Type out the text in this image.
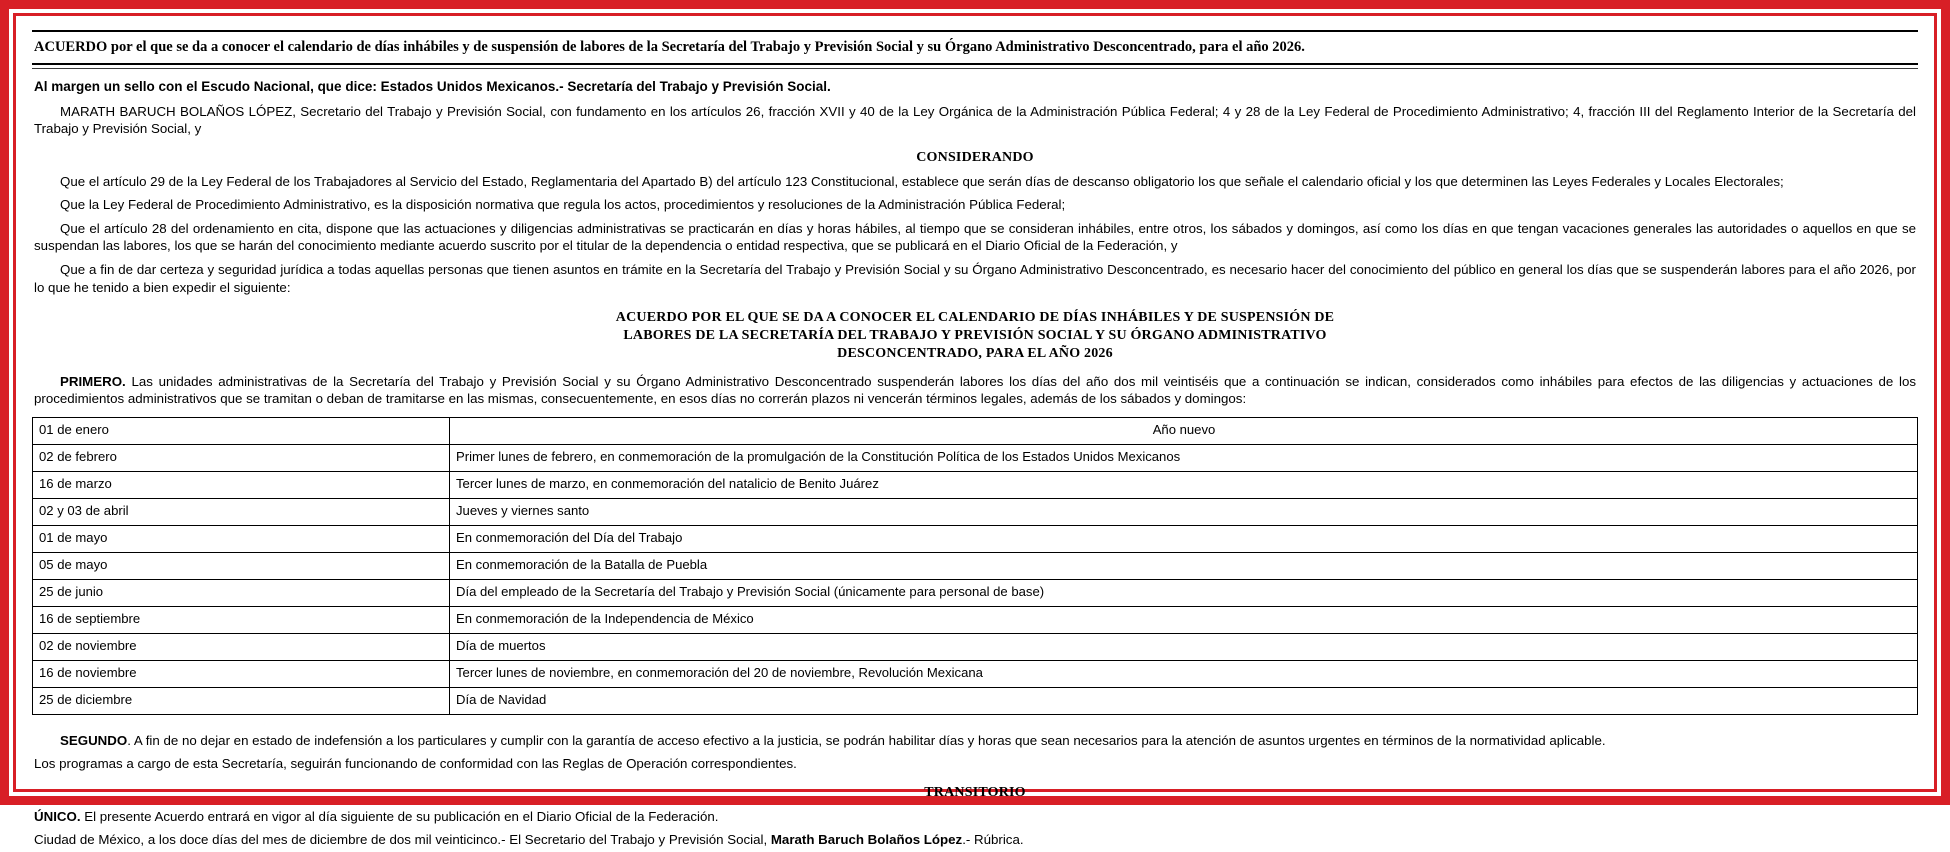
ACUERDO por el que se da a conocer el calendario de días inhábiles y de suspensión de labores de la Secretaría del Trabajo y Previsión Social y su Órgano Administrativo Desconcentrado, para el año 2026.
Al margen un sello con el Escudo Nacional, que dice: Estados Unidos Mexicanos.- Secretaría del Trabajo y Previsión Social.

MARATH BARUCH BOLAÑOS LÓPEZ, Secretario del Trabajo y Previsión Social, con fundamento en los artículos 26, fracción XVII y 40 de la Ley Orgánica de la Administración Pública Federal; 4 y 28 de la Ley Federal de Procedimiento Administrativo; 4, fracción III del Reglamento Interior de la Secretaría del Trabajo y Previsión Social, y

CONSIDERANDO

Que el artículo 29 de la Ley Federal de los Trabajadores al Servicio del Estado, Reglamentaria del Apartado B) del artículo 123 Constitucional, establece que serán días de descanso obligatorio los que señale el calendario oficial y los que determinen las Leyes Federales y Locales Electorales;

Que la Ley Federal de Procedimiento Administrativo, es la disposición normativa que regula los actos, procedimientos y resoluciones de la Administración Pública Federal;

Que el artículo 28 del ordenamiento en cita, dispone que las actuaciones y diligencias administrativas se practicarán en días y horas hábiles, al tiempo que se consideran inhábiles, entre otros, los sábados y domingos, así como los días en que tengan vacaciones generales las autoridades o aquellos en que se suspendan las labores, los que se harán del conocimiento mediante acuerdo suscrito por el titular de la dependencia o entidad respectiva, que se publicará en el Diario Oficial de la Federación, y

Que a fin de dar certeza y seguridad jurídica a todas aquellas personas que tienen asuntos en trámite en la Secretaría del Trabajo y Previsión Social y su Órgano Administrativo Desconcentrado, es necesario hacer del conocimiento del público en general los días que se suspenderán labores para el año 2026, por lo que he tenido a bien expedir el siguiente:

ACUERDO POR EL QUE SE DA A CONOCER EL CALENDARIO DE DÍAS INHÁBILES Y DE SUSPENSIÓN DE
LABORES DE LA SECRETARÍA DEL TRABAJO Y PREVISIÓN SOCIAL Y SU ÓRGANO ADMINISTRATIVO
DESCONCENTRADO, PARA EL AÑO 2026

PRIMERO. Las unidades administrativas de la Secretaría del Trabajo y Previsión Social y su Órgano Administrativo Desconcentrado suspenderán labores los días del año dos mil veintiséis que a continuación se indican, considerados como inhábiles para efectos de las diligencias y actuaciones de los procedimientos administrativos que se tramitan o deban de tramitarse en las mismas, consecuentemente, en esos días no correrán plazos ni vencerán términos legales, además de los sábados y domingos:

01 de enero	Año nuevo
02 de febrero	Primer lunes de febrero, en conmemoración de la promulgación de la Constitución Política de los Estados Unidos Mexicanos
16 de marzo	Tercer lunes de marzo, en conmemoración del natalicio de Benito Juárez
02 y 03 de abril	Jueves y viernes santo
01 de mayo	En conmemoración del Día del Trabajo
05 de mayo	En conmemoración de la Batalla de Puebla
25 de junio	Día del empleado de la Secretaría del Trabajo y Previsión Social (únicamente para personal de base)
16 de septiembre	En conmemoración de la Independencia de México
02 de noviembre	Día de muertos
16 de noviembre	Tercer lunes de noviembre, en conmemoración del 20 de noviembre, Revolución Mexicana
25 de diciembre	Día de Navidad

SEGUNDO. A fin de no dejar en estado de indefensión a los particulares y cumplir con la garantía de acceso efectivo a la justicia, se podrán habilitar días y horas que sean necesarios para la atención de asuntos urgentes en términos de la normatividad aplicable.

Los programas a cargo de esta Secretaría, seguirán funcionando de conformidad con las Reglas de Operación correspondientes.

TRANSITORIO

ÚNICO. El presente Acuerdo entrará en vigor al día siguiente de su publicación en el Diario Oficial de la Federación.

Ciudad de México, a los doce días del mes de diciembre de dos mil veinticinco.- El Secretario del Trabajo y Previsión Social, Marath Baruch Bolaños López.- Rúbrica.
